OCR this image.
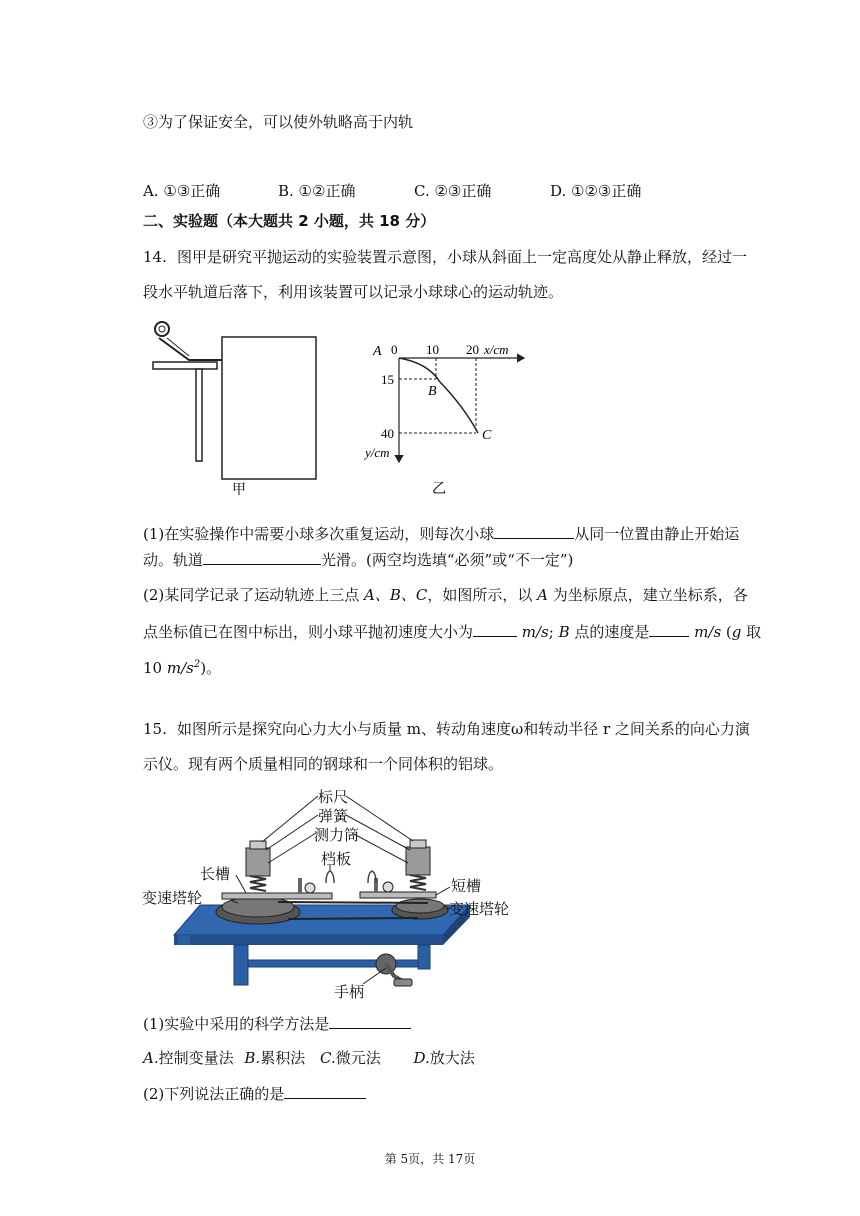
③为了保证安全，可以使外轨略高于内轨
A. ①③正确	B. ①②正确	C. ②③正确	D. ①②③正确
二、实验题（本大题共 2 小题，共 18 分）
14. 图甲是研究平抛运动的实验装置示意图，小球从斜面上一定高度处从静止释放，经过一
段水平轨道后落下，利用该装置可以记录小球球心的运动轨迹。
甲
A 0 10 20 x/cm
15
40
y/cm
B
C
乙
(1)在实验操作中需要小球多次重复运动，则每次小球	从同一位置由静止开始运
动。轨道	光滑。(两空均选填“必须”或“不一定”)
(2)某同学记录了运动轨迹上三点 A、B、C，如图所示，以 A 为坐标原点，建立坐标系，各
点坐标值已在图中标出，则小球平抛初速度大小为	m/s; B 点的速度是	m/s (g 取
10 $m/s^2$)。
15. 如图所示是探究向心力大小与质量 m、转动角速度ω和转动半径 r 之间关系的向心力演
示仪。现有两个质量相同的钢球和一个同体积的铝球。
标尺
弹簧
测力筒
档板
长槽
变速塔轮
短槽
变速塔轮
手柄
(1)实验中采用的科学方法是
A.控制变量法 B.累积法 C.微元法 D.放大法
(2)下列说法正确的是
第 5页，共 17页
